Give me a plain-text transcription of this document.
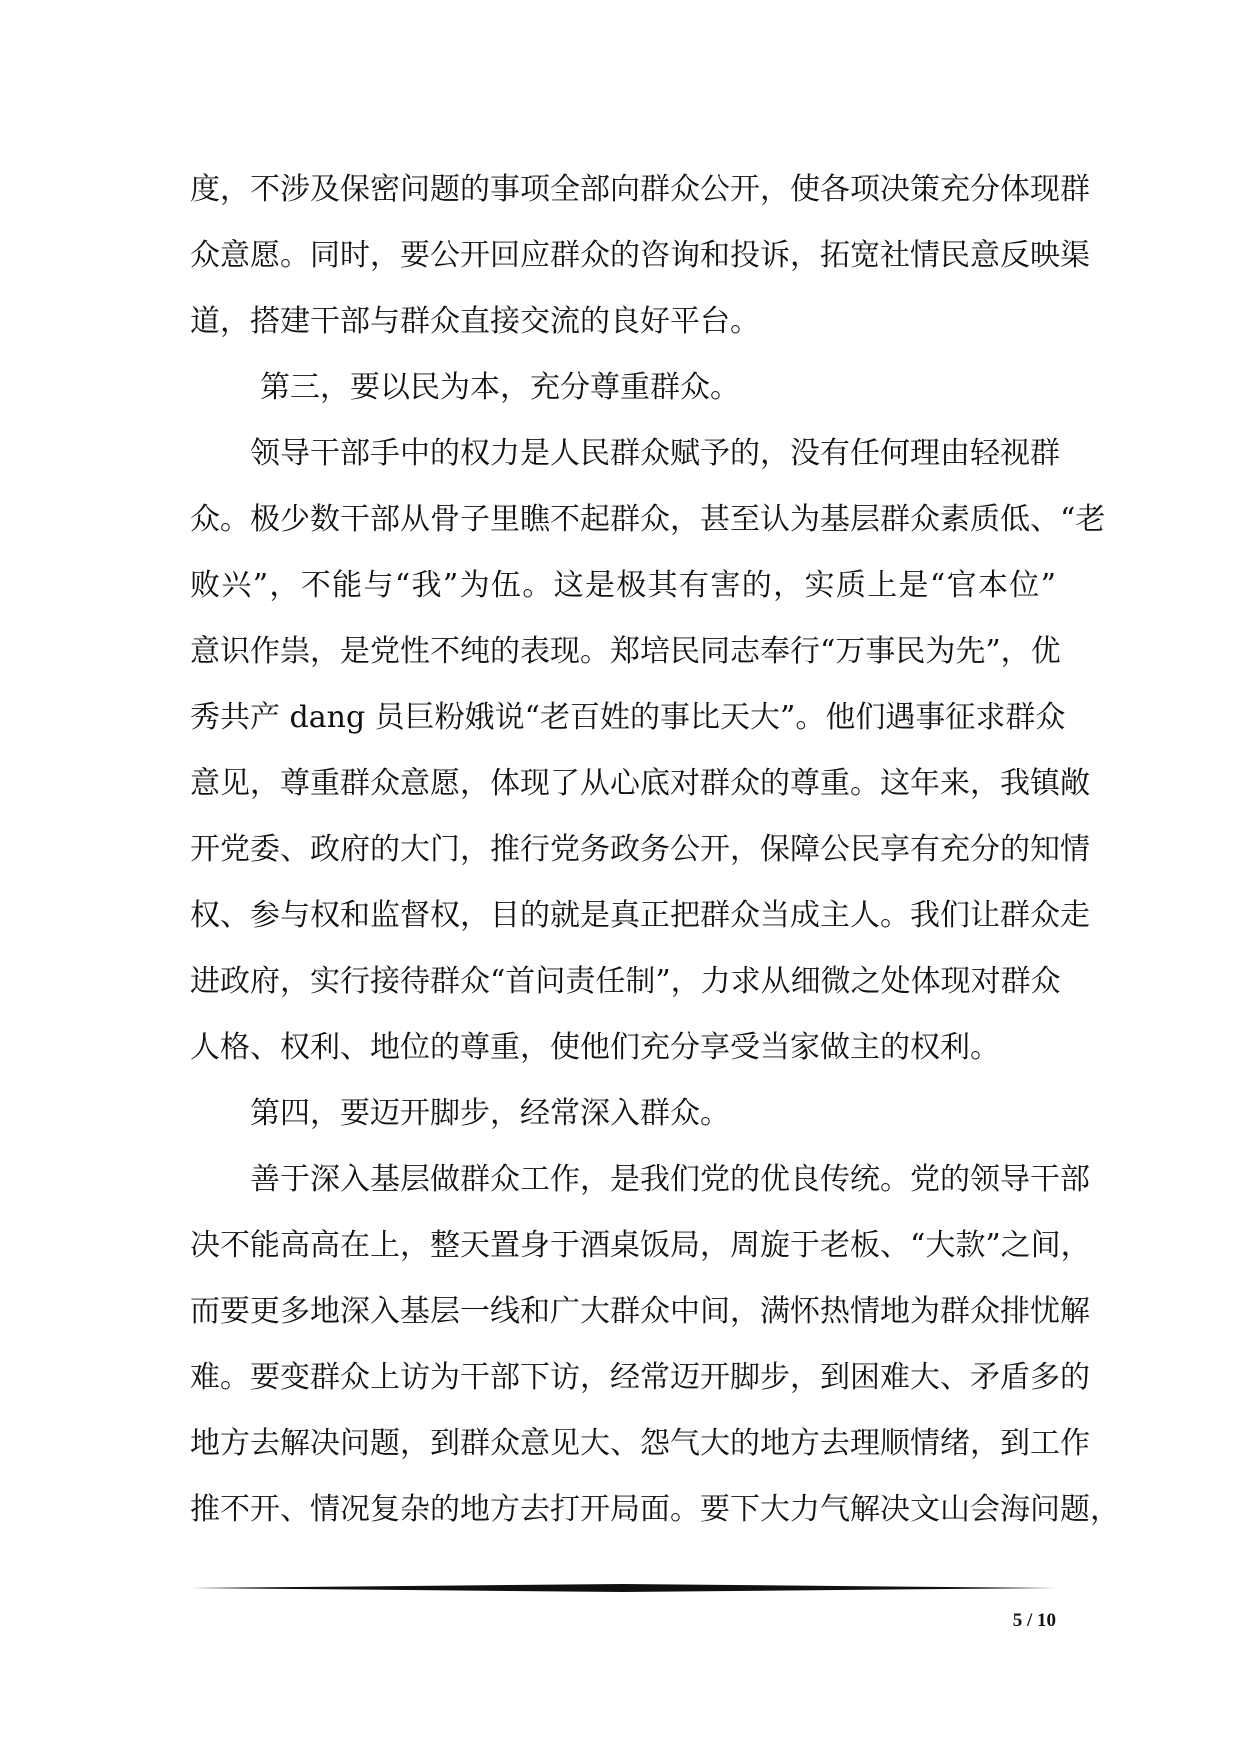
度，不涉及保密问题的事项全部向群众公开，使各项决策充分体现群
众意愿。同时，要公开回应群众的咨询和投诉，拓宽社情民意反映渠
道，搭建干部与群众直接交流的良好平台。
第三，要以民为本，充分尊重群众。
领导干部手中的权力是人民群众赋予的，没有任何理由轻视群
众。极少数干部从骨子里瞧不起群众，甚至认为基层群众素质低、“老
败兴”，不能与“我”为伍。这是极其有害的，实质上是“官本位”
意识作祟，是党性不纯的表现。郑培民同志奉行“万事民为先”，优
秀共产 dang 员巨粉娥说“老百姓的事比天大”。他们遇事征求群众
意见，尊重群众意愿，体现了从心底对群众的尊重。这年来，我镇敞
开党委、政府的大门，推行党务政务公开，保障公民享有充分的知情
权、参与权和监督权，目的就是真正把群众当成主人。我们让群众走
进政府，实行接待群众“首问责任制”，力求从细微之处体现对群众
人格、权利、地位的尊重，使他们充分享受当家做主的权利。
第四，要迈开脚步，经常深入群众。
善于深入基层做群众工作，是我们党的优良传统。党的领导干部
决不能高高在上，整天置身于酒桌饭局，周旋于老板、“大款”之间，
而要更多地深入基层一线和广大群众中间，满怀热情地为群众排忧解
难。要变群众上访为干部下访，经常迈开脚步，到困难大、矛盾多的
地方去解决问题，到群众意见大、怨气大的地方去理顺情绪，到工作
推不开、情况复杂的地方去打开局面。要下大力气解决文山会海问题，
5 / 10
